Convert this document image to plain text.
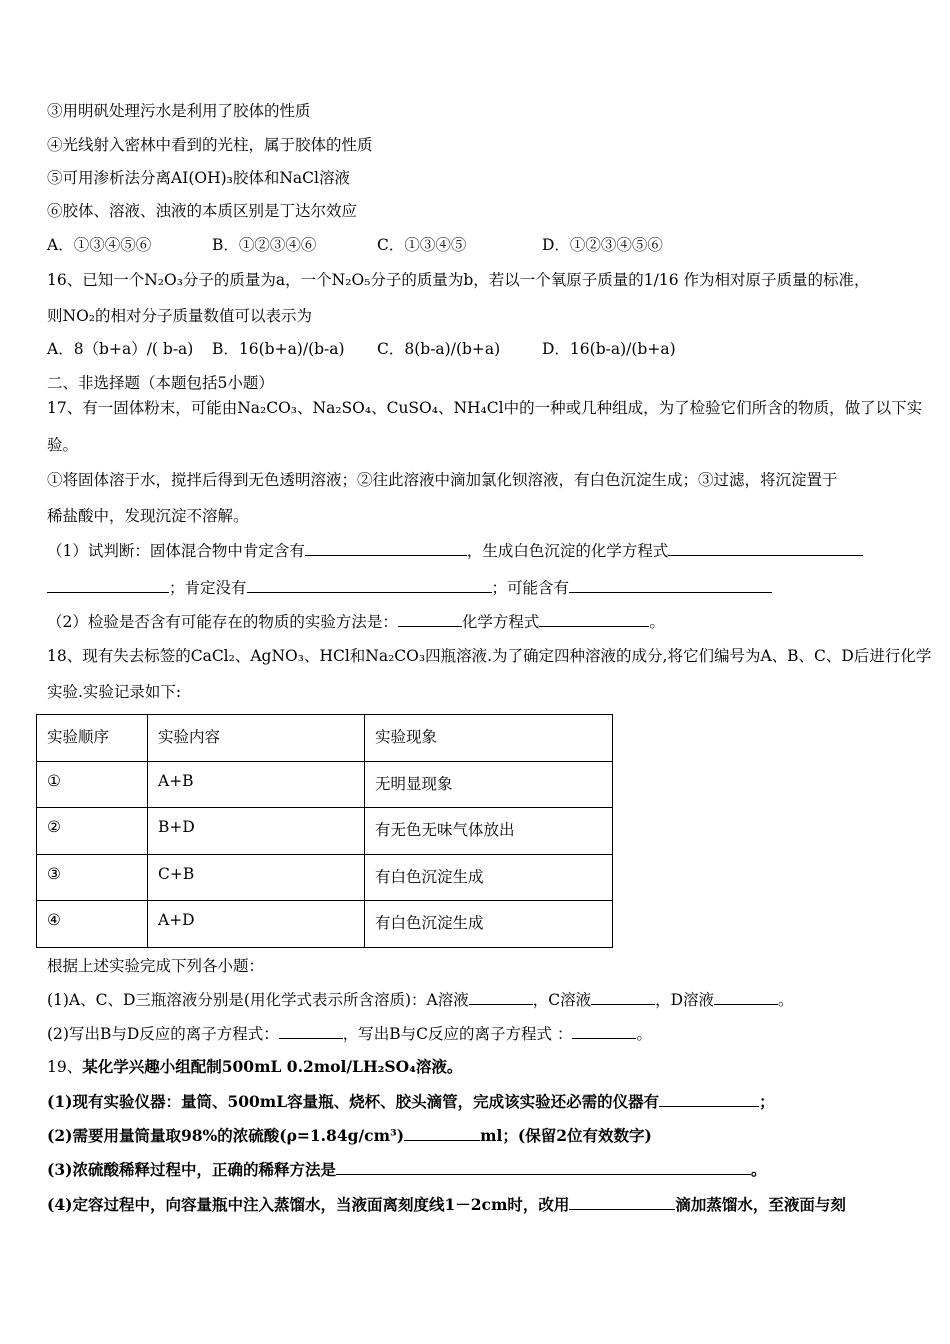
③用明矾处理污水是利用了胶体的性质
④光线射入密林中看到的光柱，属于胶体的性质
⑤可用渗析法分离AI(OH)₃胶体和NaCl溶液
⑥胶体、溶液、浊液的本质区别是丁达尔效应
A．①③④⑤⑥	B．①②③④⑥	C．①③④⑤	D．①②③④⑤⑥
16、已知一个N₂O₃分子的质量为a，一个N₂O₅分子的质量为b，若以一个氧原子质量的1/16 作为相对原子质量的标准，
则NO₂的相对分子质量数值可以表示为
A．8（b+a）/( b-a) B．16(b+a)/(b-a) C．8(b-a)/(b+a)	D．16(b-a)/(b+a)
二、非选择题（本题包括5小题）
17、有一固体粉末，可能由Na₂CO₃、Na₂SO₄、CuSO₄、NH₄Cl中的一种或几种组成，为了检验它们所含的物质，做了以下实
验。
①将固体溶于水，搅拌后得到无色透明溶液；②往此溶液中滴加氯化钡溶液，有白色沉淀生成；③过滤，将沉淀置于
稀盐酸中，发现沉淀不溶解。
（1）试判断：固体混合物中肯定含有	，生成白色沉淀的化学方程式
；肯定没有	；可能含有
（2）检验是否含有可能存在的物质的实验方法是：	化学方程式	。
18、现有失去标签的CaCl₂、AgNO₃、HCl和Na₂CO₃四瓶溶液.为了确定四种溶液的成分,将它们编号为A、B、C、D后进行化学
实验.实验记录如下:
实验顺序	实验内容	实验现象
①	A+B	无明显现象
②	B+D	有无色无味气体放出
③	C+B	有白色沉淀生成
④	A+D	有白色沉淀生成
根据上述实验完成下列各小题：
(1)A、C、D三瓶溶液分别是(用化学式表示所含溶质)：A溶液	，C溶液	，D溶液	。
(2)写出B与D反应的离子方程式：	，写出B与C反应的离子方程式 ：	。
19、某化学兴趣小组配制500mL 0.2mol/LH₂SO₄溶液。
(1)现有实验仪器：量筒、500mL容量瓶、烧杯、胶头滴管，完成该实验还必需的仪器有	；
(2)需要用量筒量取98%的浓硫酸(ρ=1.84g/cm³)	ml；(保留2位有效数字)
(3)浓硫酸稀释过程中，正确的稀释方法是	。
(4)定容过程中，向容量瓶中注入蒸馏水，当液面离刻度线1－2cm时，改用	滴加蒸馏水，至液面与刻
